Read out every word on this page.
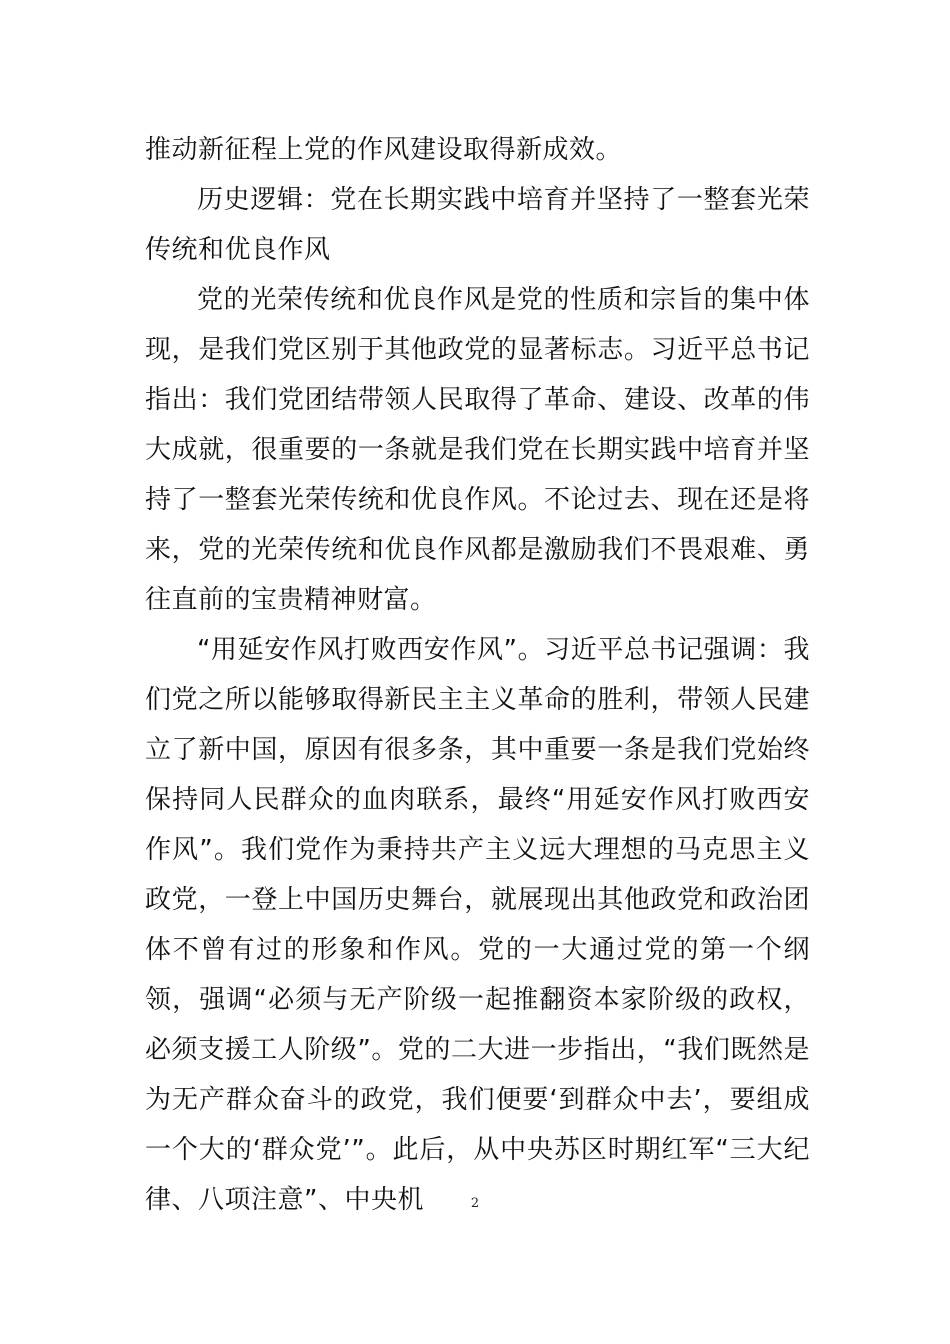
推动新征程上党的作风建设取得新成效。

历史逻辑：党在长期实践中培育并坚持了一整套光荣传统和优良作风

党的光荣传统和优良作风是党的性质和宗旨的集中体现，是我们党区别于其他政党的显著标志。习近平总书记指出：我们党团结带领人民取得了革命、建设、改革的伟大成就，很重要的一条就是我们党在长期实践中培育并坚持了一整套光荣传统和优良作风。不论过去、现在还是将来，党的光荣传统和优良作风都是激励我们不畏艰难、勇往直前的宝贵精神财富。

“用延安作风打败西安作风”。习近平总书记强调：我们党之所以能够取得新民主主义革命的胜利，带领人民建立了新中国，原因有很多条，其中重要一条是我们党始终保持同人民群众的血肉联系，最终“用延安作风打败西安作风”。我们党作为秉持共产主义远大理想的马克思主义政党，一登上中国历史舞台，就展现出其他政党和政治团体不曾有过的形象和作风。党的一大通过党的第一个纲领，强调“必须与无产阶级一起推翻资本家阶级的政权，必须支援工人阶级”。党的二大进一步指出，“我们既然是为无产群众奋斗的政党，我们便要‘到群众中去’，要组成一个大的‘群众党’”。此后，从中央苏区时期红军“三大纪律、八项注意”、中央机	2
